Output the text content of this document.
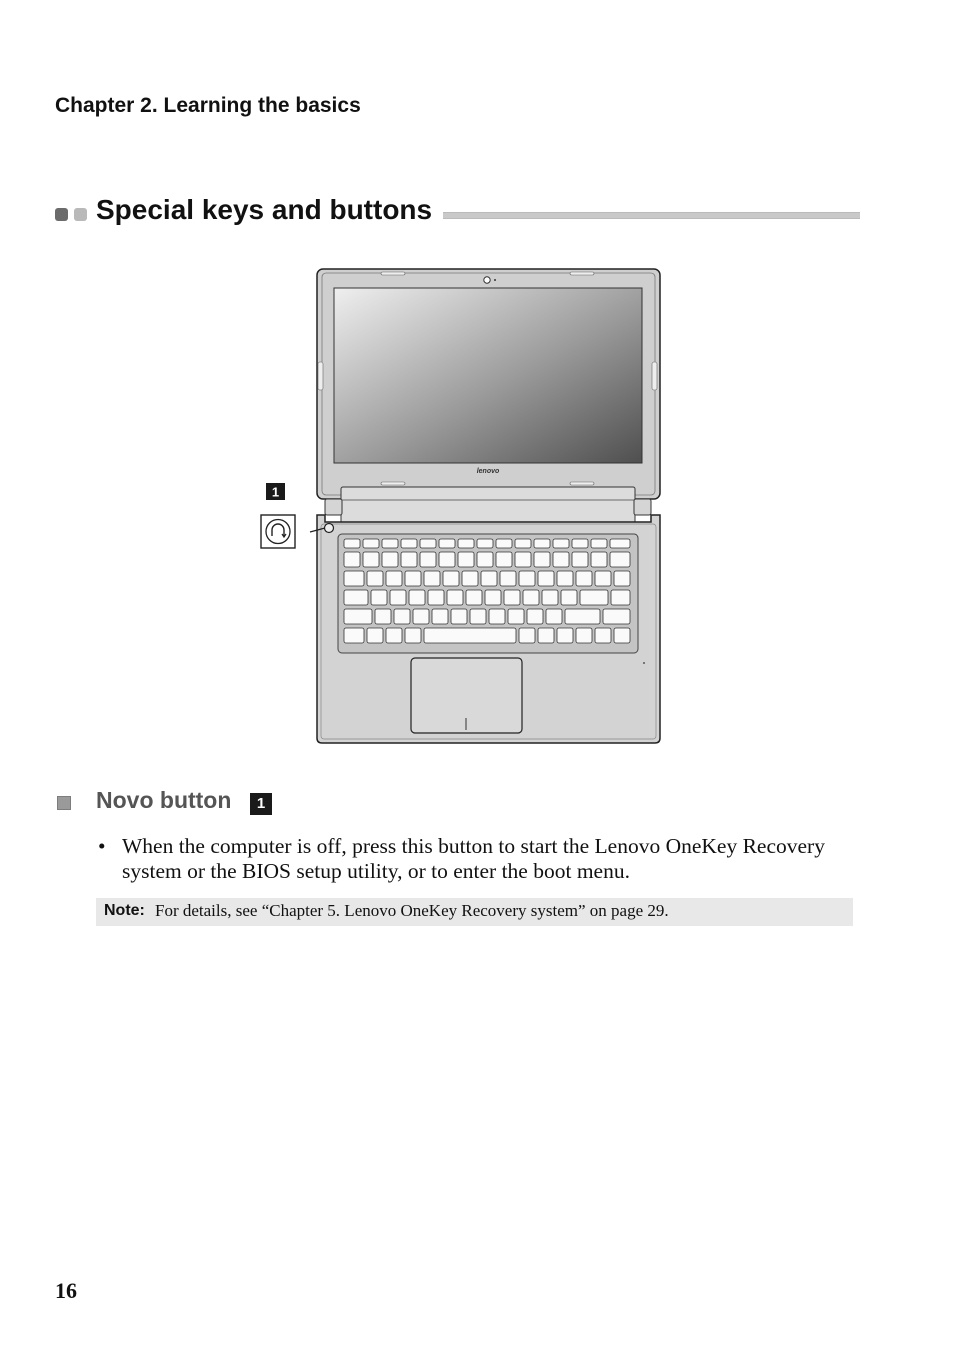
Chapter 2. Learning the basics
Special keys and buttons
lenovo
1
Novo button	1
• When the computer is off, press this button to start the Lenovo OneKey Recovery system or the BIOS setup utility, or to enter the boot menu.
Note: For details, see “Chapter 5. Lenovo OneKey Recovery system” on page 29.
16
